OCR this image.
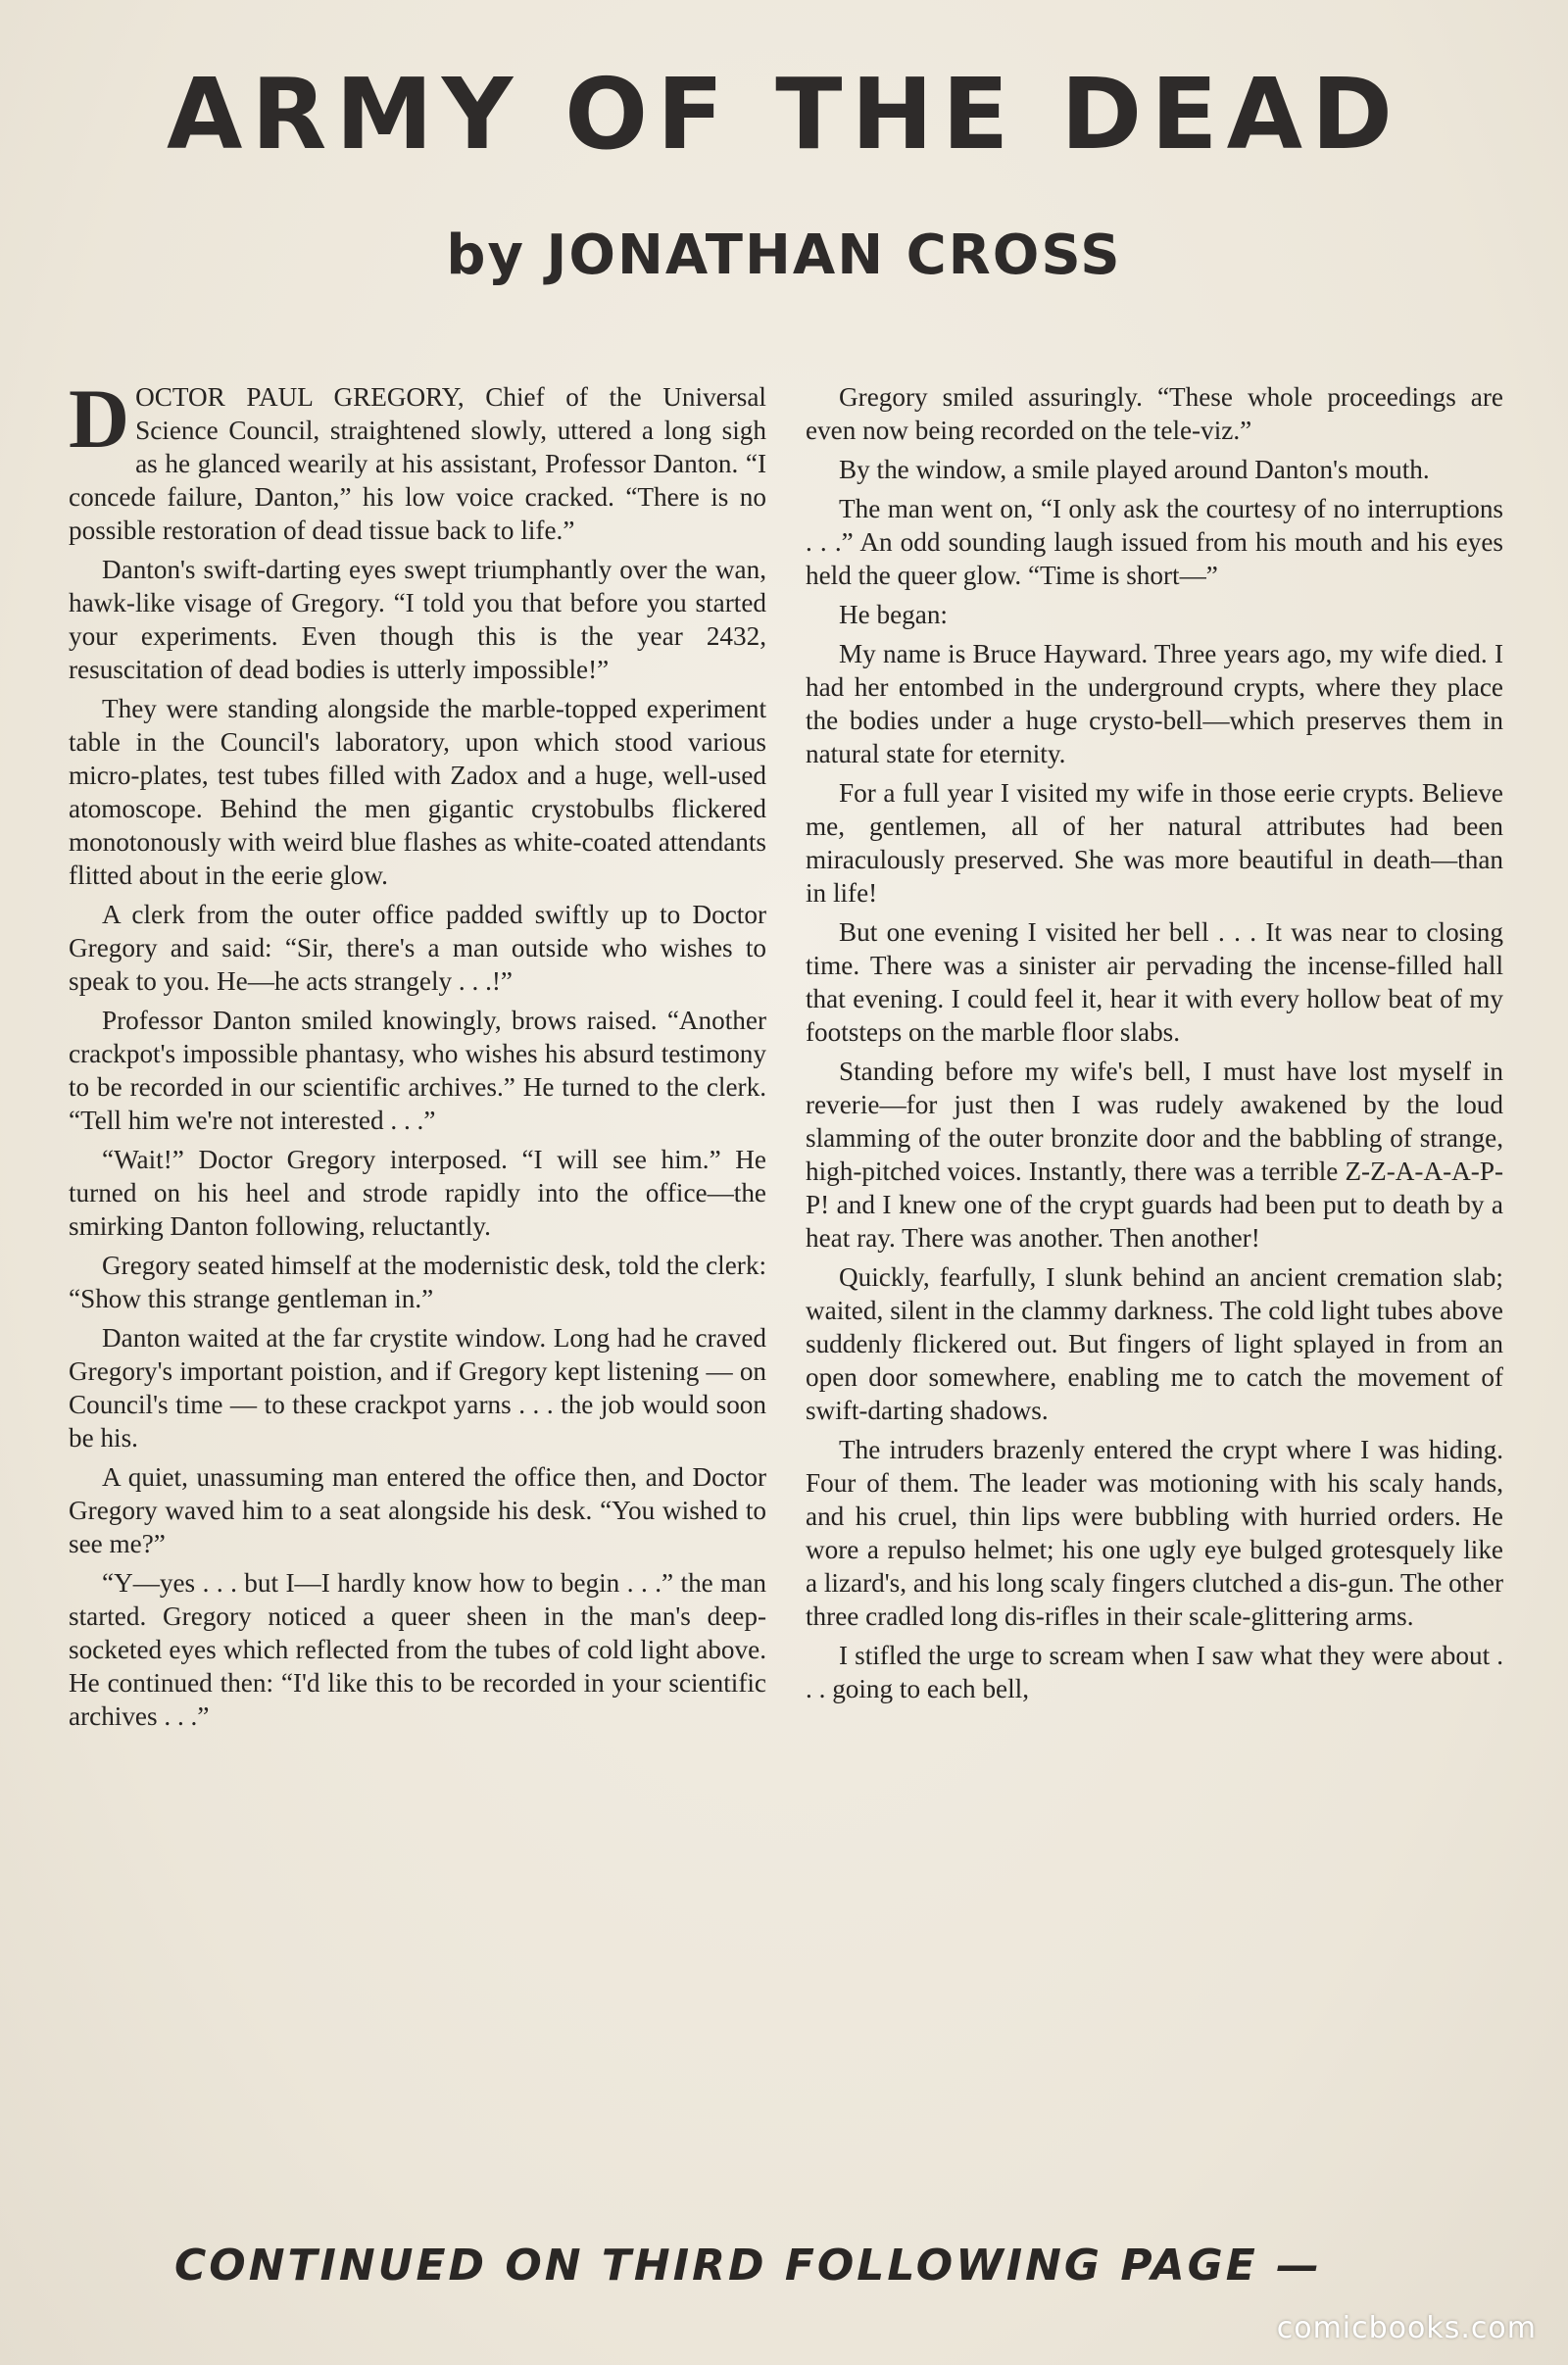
ARMY OF THE DEAD
by JONATHAN CROSS

DOCTOR PAUL GREGORY, Chief of the Universal Science Council, straightened slowly, uttered a long sigh as he glanced wearily at his assistant, Professor Danton. “I concede failure, Danton,” his low voice cracked. “There is no possible restoration of dead tissue back to life.”

Danton's swift-darting eyes swept triumphantly over the wan, hawk-like visage of Gregory. “I told you that before you started your experiments. Even though this is the year 2432, resuscitation of dead bodies is utterly impossible!”

They were standing alongside the marble-topped experiment table in the Council's laboratory, upon which stood various micro-plates, test tubes filled with Zadox and a huge, well-used atomoscope. Behind the men gigantic crystobulbs flickered monotonously with weird blue flashes as white-coated attendants flitted about in the eerie glow.

A clerk from the outer office padded swiftly up to Doctor Gregory and said: “Sir, there's a man outside who wishes to speak to you. He—he acts strangely . . .!”

Professor Danton smiled knowingly, brows raised. “Another crackpot's impossible phantasy, who wishes his absurd testimony to be recorded in our scientific archives.” He turned to the clerk. “Tell him we're not interested . . .”

“Wait!” Doctor Gregory interposed. “I will see him.” He turned on his heel and strode rapidly into the office—the smirking Danton following, reluctantly.

Gregory seated himself at the modernistic desk, told the clerk: “Show this strange gentleman in.”

Danton waited at the far crystite window. Long had he craved Gregory's important poistion, and if Gregory kept listening — on Council's time — to these crackpot yarns . . . the job would soon be his.

A quiet, unassuming man entered the office then, and Doctor Gregory waved him to a seat alongside his desk. “You wished to see me?”

“Y—yes . . . but I—I hardly know how to begin . . .” the man started. Gregory noticed a queer sheen in the man's deep-socketed eyes which reflected from the tubes of cold light above. He continued then: “I'd like this to be recorded in your scientific archives . . .”

Gregory smiled assuringly. “These whole proceedings are even now being recorded on the tele-viz.”

By the window, a smile played around Danton's mouth.

The man went on, “I only ask the courtesy of no interruptions . . .” An odd sounding laugh issued from his mouth and his eyes held the queer glow. “Time is short—”

He began:

My name is Bruce Hayward. Three years ago, my wife died. I had her entombed in the underground crypts, where they place the bodies under a huge crysto-bell—which preserves them in natural state for eternity.

For a full year I visited my wife in those eerie crypts. Believe me, gentlemen, all of her natural attributes had been miraculously preserved. She was more beautiful in death—than in life!

But one evening I visited her bell . . . It was near to closing time. There was a sinister air pervading the incense-filled hall that evening. I could feel it, hear it with every hollow beat of my footsteps on the marble floor slabs.

Standing before my wife's bell, I must have lost myself in reverie—for just then I was rudely awakened by the loud slamming of the outer bronzite door and the babbling of strange, high-pitched voices. Instantly, there was a terrible Z-Z-A-A-A-P-P! and I knew one of the crypt guards had been put to death by a heat ray. There was another. Then another!

Quickly, fearfully, I slunk behind an ancient cremation slab; waited, silent in the clammy darkness. The cold light tubes above suddenly flickered out. But fingers of light splayed in from an open door somewhere, enabling me to catch the movement of swift-darting shadows.

The intruders brazenly entered the crypt where I was hiding. Four of them. The leader was motioning with his scaly hands, and his cruel, thin lips were bubbling with hurried orders. He wore a repulso helmet; his one ugly eye bulged grotesquely like a lizard's, and his long scaly fingers clutched a dis-gun. The other three cradled long dis-rifles in their scale-glittering arms.

I stifled the urge to scream when I saw what they were about . . . going to each bell,

CONTINUED ON THIRD FOLLOWING PAGE —
comicbooks.com
